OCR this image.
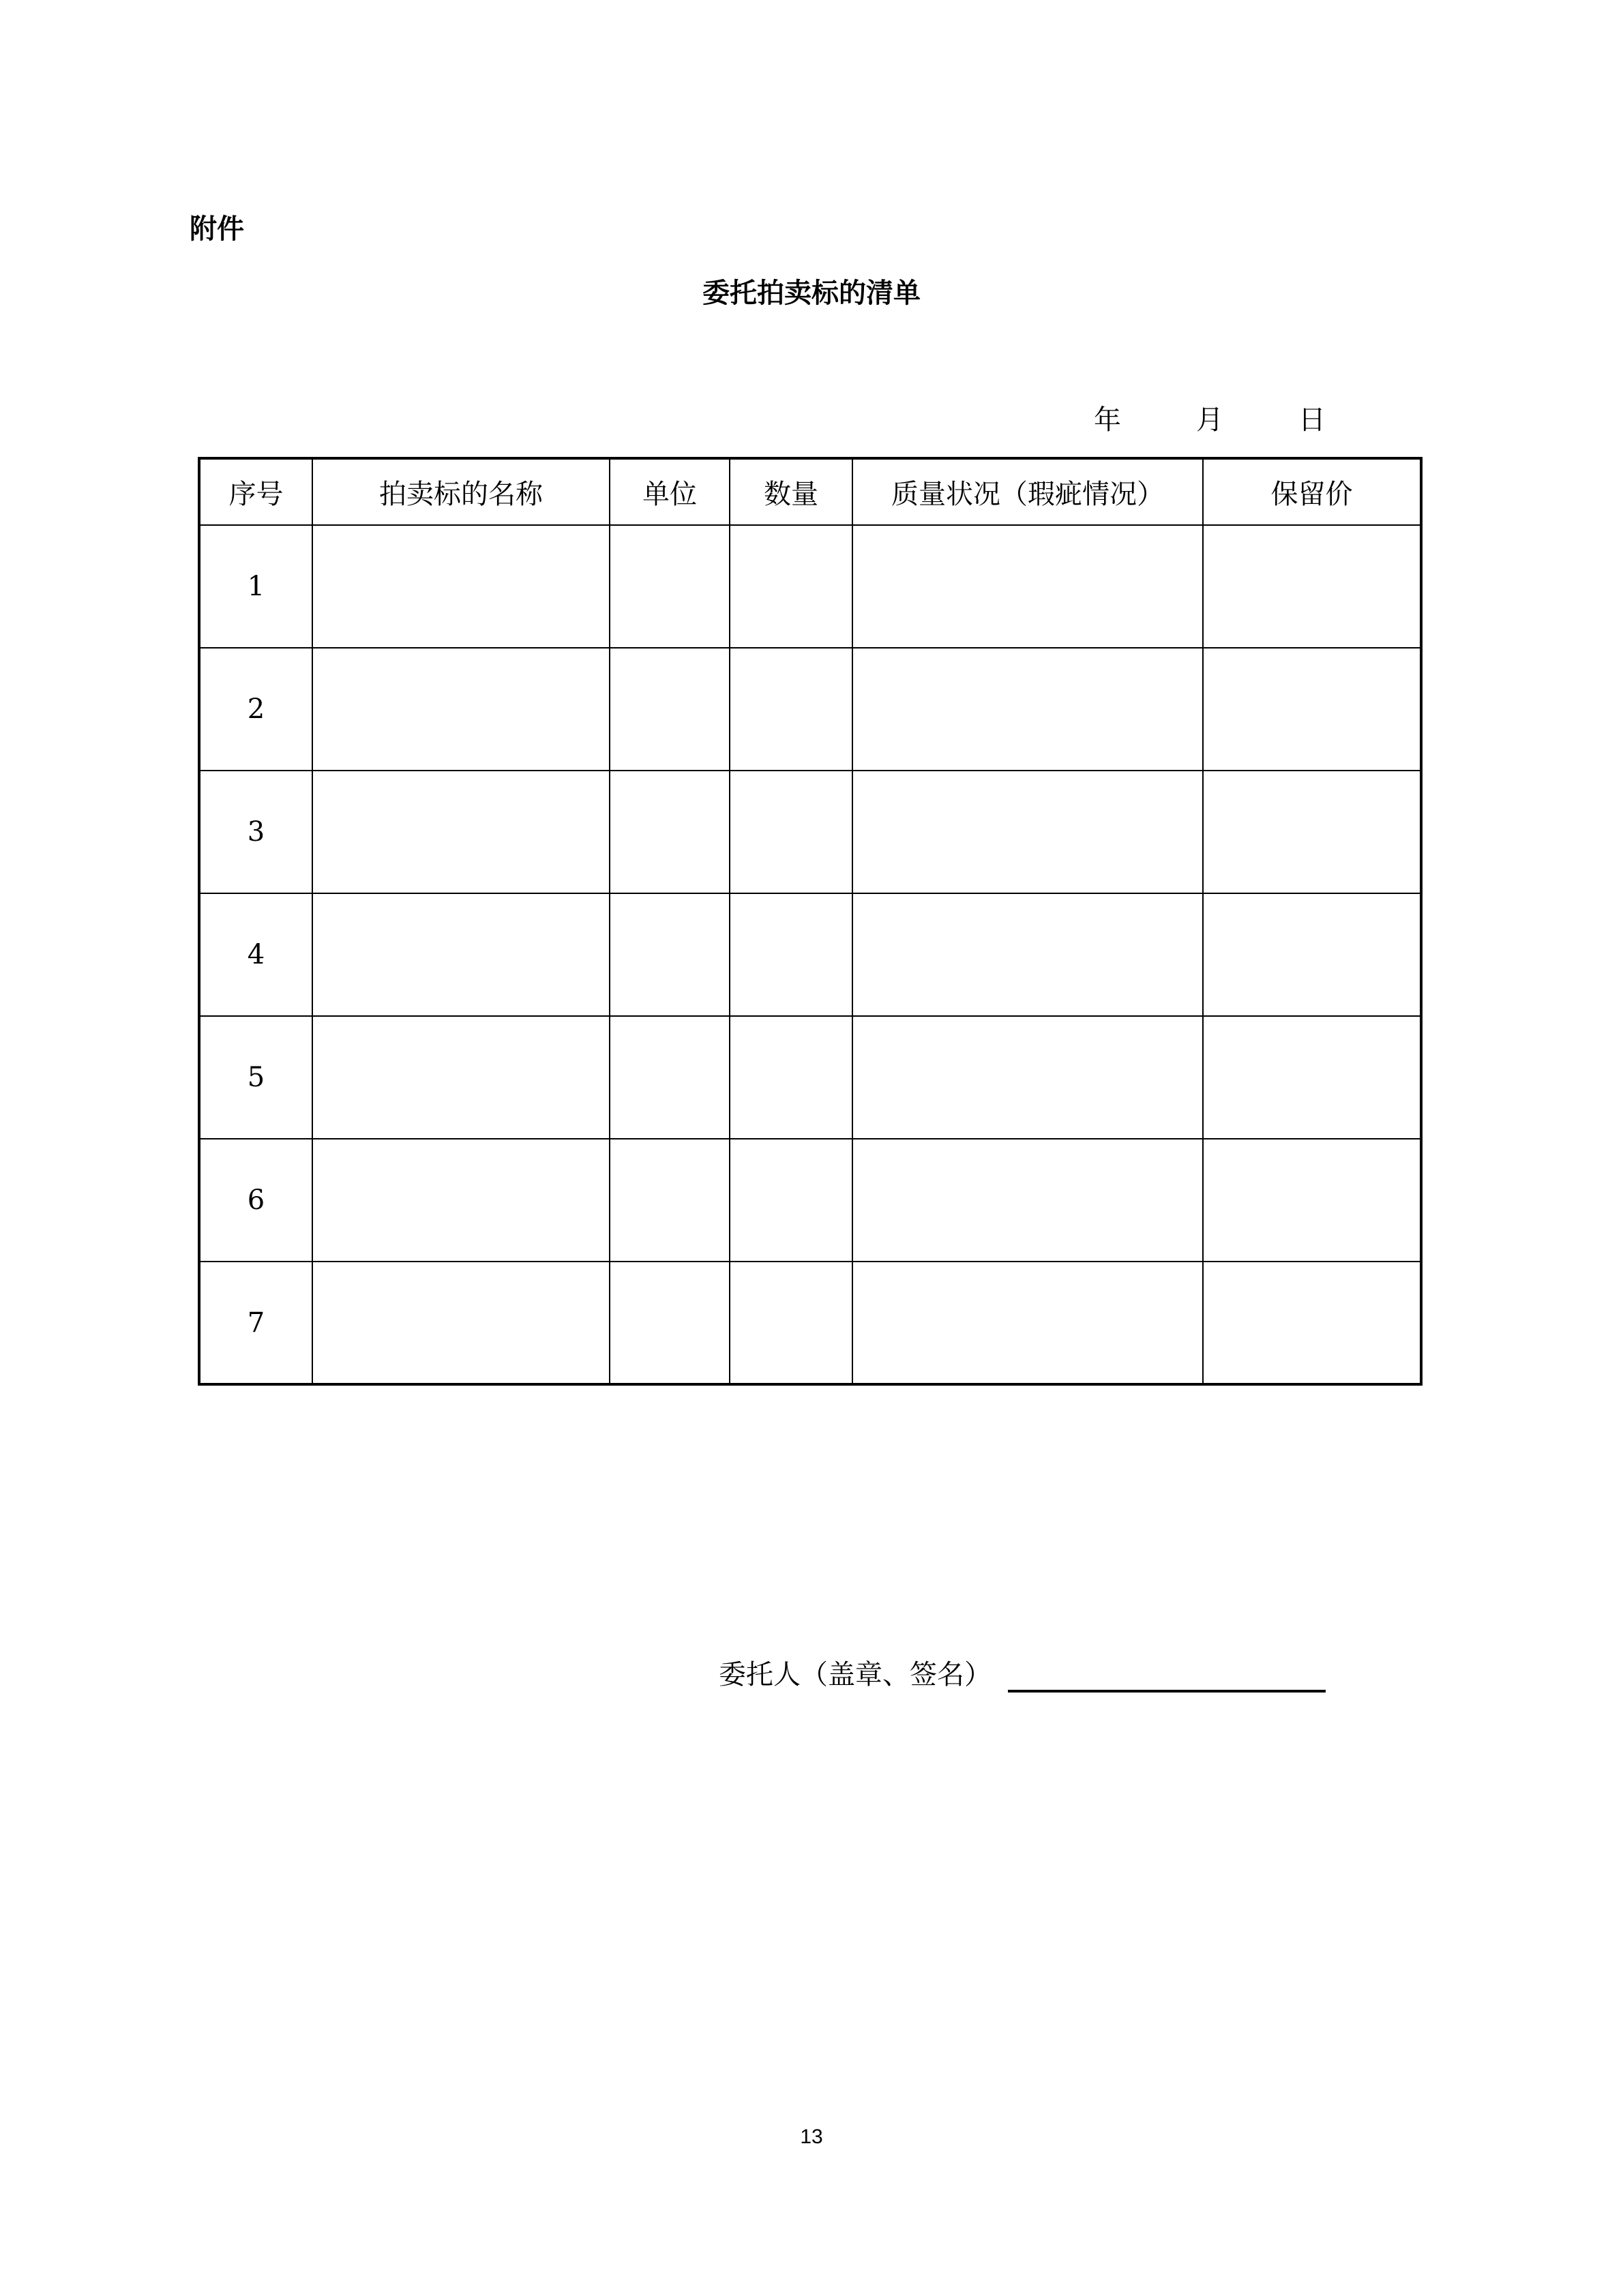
附件
委托拍卖标的清单
年	月	日
序号	拍卖标的名称	单位	数量	质量状况（瑕疵情况）	保留价
1					
2					
3					
4					
5					
6					
7					
委托人（盖章、签名）
13
